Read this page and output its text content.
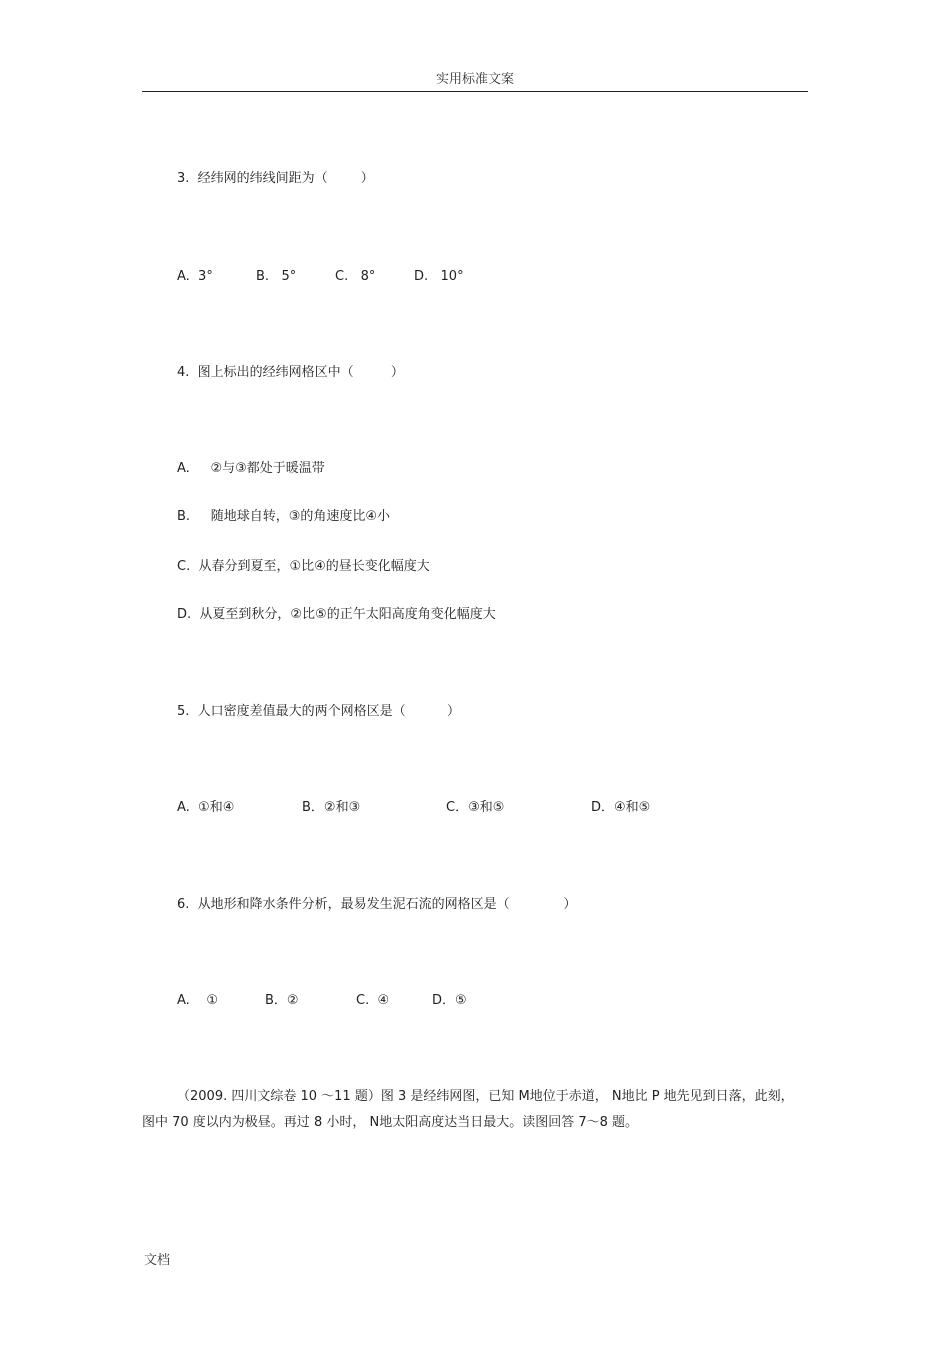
实用标准文案
3.  经纬网的纬线间距为（        ）
A.  3°	B.   5°	C.   8°	D.   10°
4.  图上标出的经纬网格区中（         ）
A.     ②与③都处于暖温带
B.     随地球自转，③的角速度比④小
C.  从春分到夏至，①比④的昼长变化幅度大
D.  从夏至到秋分，②比⑤的正午太阳高度角变化幅度大
5.  人口密度差值最大的两个网格区是（          ）
A.  ①和④	B．②和③	C．③和⑤	D．④和⑤
6.  从地形和降水条件分析，最易发生泥石流的网格区是（             ）
A.    ①	B．②	C.  ④	D．⑤
（2009. 四川文综卷 10 ～11 题）图 3 是经纬网图，已知 M地位于赤道， N地比 P 地先见到日落，此刻，图中 70 度以内为极昼。再过 8 小时， N地太阳高度达当日最大。读图回答 7～8 题。
文档
